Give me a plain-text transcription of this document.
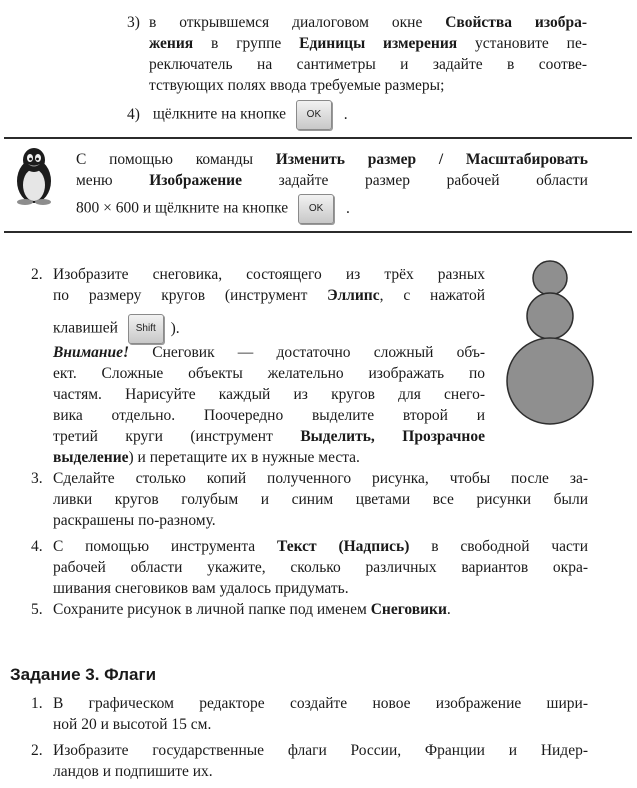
3) в открывшемся диалоговом окне Свойства изобра-
жения в группе Единицы измерения установите пе-
реключатель на сантиметры и задайте в соотве-
тствующих полях ввода требуемые размеры;
4) щёлкните на кнопке OK .
С помощью команды Изменить размер / Масштабировать
меню Изображение задайте размер рабочей области
800 × 600 и щёлкните на кнопке OK .
2. Изобразите снеговика, состоящего из трёх разных
по размеру кругов (инструмент Эллипс, с нажатой
клавишей Shift ).
Внимание! Снеговик — достаточно сложный объ-
ект. Сложные объекты желательно изображать по
частям. Нарисуйте каждый из кругов для снего-
вика отдельно. Поочередно выделите второй и
третий круги (инструмент Выделить, Прозрачное
выделение) и перетащите их в нужные места.
3. Сделайте столько копий полученного рисунка, чтобы после за-
ливки кругов голубым и синим цветами все рисунки были
раскрашены по-разному.
4. С помощью инструмента Текст (Надпись) в свободной части
рабочей области укажите, сколько различных вариантов окра-
шивания снеговиков вам удалось придумать.
5. Сохраните рисунок в личной папке под именем Снеговики.
Задание 3. Флаги
1. В графическом редакторе создайте новое изображение шири-
ной 20 и высотой 15 см.
2. Изобразите государственные флаги России, Франции и Нидер-
ландов и подпишите их.
